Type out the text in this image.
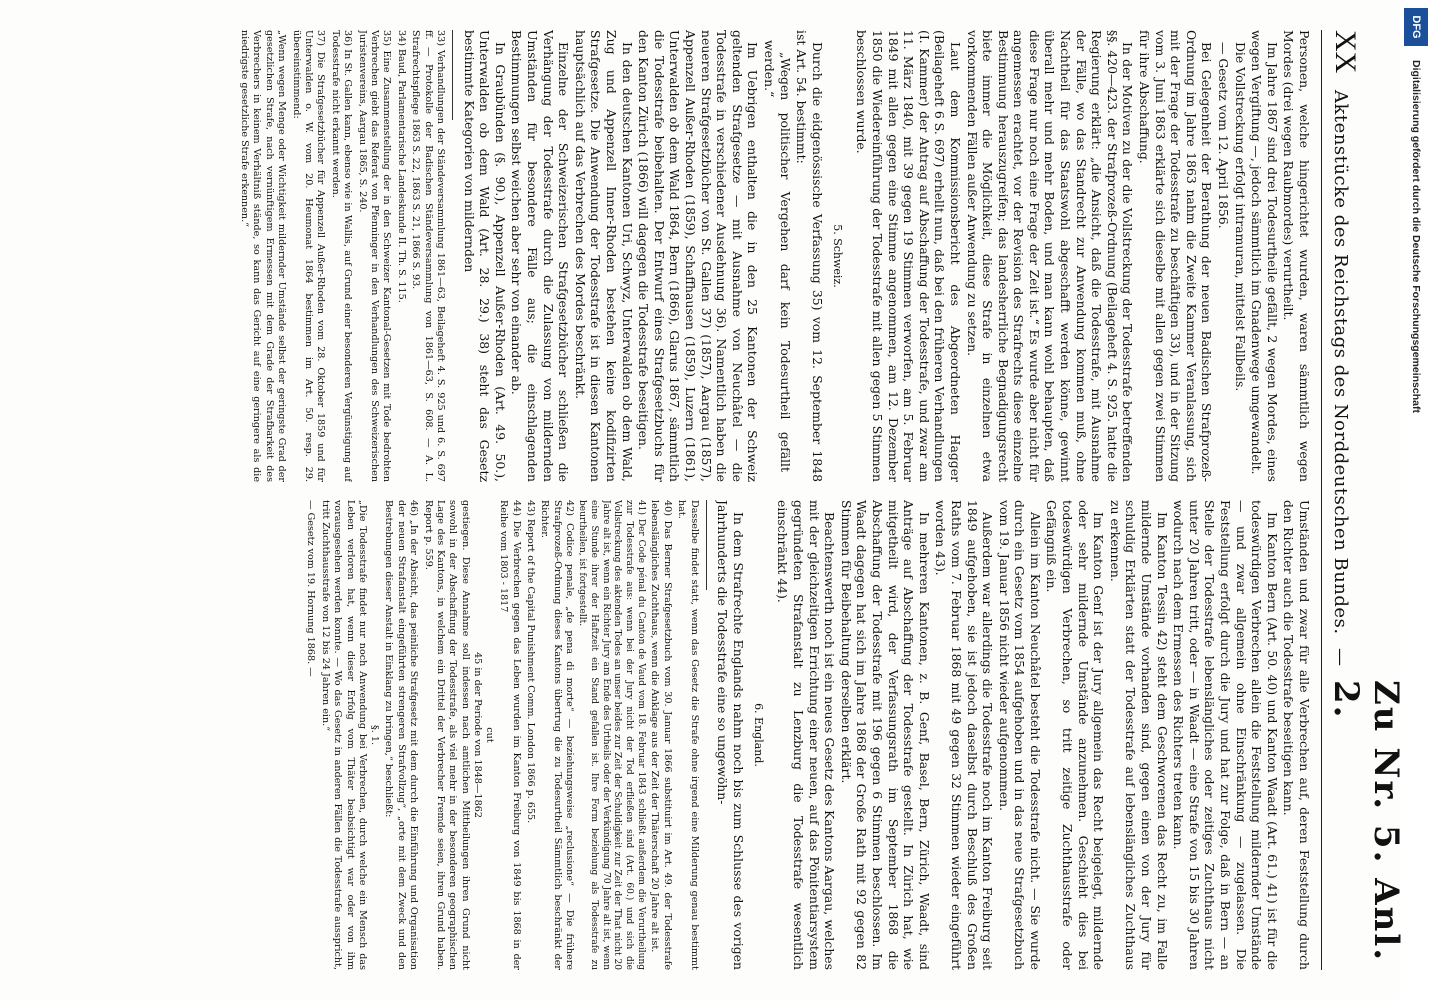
XX
Aktenstücke des Reichstags des Norddeutschen Bundes.
—
Zu Nr. 5. Anl. 2.

Personen, welche hingerichtet wurden, waren sämmtlich wegen Mordes (drei wegen Raubmordes) verurtheilt.

Im Jahre 1867 sind drei Todesurtheile gefällt, 2 wegen Mordes, eines wegen Vergiftung —, jedoch sämmtlich im Gnadenwege umgewandelt.

Die Vollstreckung erfolgt intramuran, mittelst Fallbeils.

— Gesetz vom 12. April 1856.

Bei Gelegenheit der Berathung der neuen Badischen Strafprozeß-Ordnung im Jahre 1863 nahm die Zweite Kammer Veranlassung, sich mit der Frage der Todesstrafe zu beschäftigen 33), und in der Sitzung vom 3. Juni 1863 erklärte sich dieselbe mit allen gegen zwei Stimmen für ihre Abschaffung.

In der Motiven zu der die Vollstreckung der Todesstrafe betreffenden §§. 420—423. der Strafprozeß-Ordnung (Beilageheft 4. S. 925. hatte die Regierung erklärt: „die Ansicht, daß die Todesstrafe, mit Ausnahme der Fälle, wo das Standrecht zur Anwendung kommen muß, ohne Nachtheil für das Staatswohl abgeschafft werden könne, gewinnt überall mehr und mehr Boden, und man kann wohl behaupten, daß diese Frage nur noch eine Frage der Zeit ist.“ Es wurde aber nicht für angemessen erachtet, vor der Revision des Strafrechts diese einzelne Bestimmung herauszugreifen; das landesherrliche Begnadigungsrecht biete immer die Möglichkeit, diese Strafe in einzelnen etwa vorkommenden Fällen außer Anwendung zu setzen.

Laut dem Kommissionsbericht des Abgeordneten Hagger (Beilageheft 6 S. 697) erhellt nun, daß bei den früheren Verhandlungen (I. Kammer) der Antrag auf Abschaffung der Todesstrafe, und zwar am 11. März 1840, mit 39 gegen 19 Stimmen verworfen, am 5. Februar 1849 mit allen gegen eine Stimme angenommen, am 12. Dezember 1850 die Wiedereinführung der Todesstrafe mit allen gegen 5 Stimmen beschlossen wurde.

5. Schweiz.

Durch die eidgenössische Verfassung 35) vom 12. September 1848 ist Art. 54. bestimmt:

„Wegen politischer Vergehen darf kein Todesurtheil gefällt werden.“

Im Uebrigen enthalten die in den 25 Kantonen der Schweiz geltenden Strafgesetze — mit Ausnahme von Neuchâtel — die Todesstrafe in verschiedener Ausdehnung 36). Namentlich haben die neueren Strafgesetzbücher von St. Gallen 37) (1857), Aargau (1857), Appenzell Außer-Rhoden (1859), Schaffhausen (1859), Luzern (1861), Unterwalden ob dem Wald 1864, Bern (1866), Glarus 1867, sämmtlich die Todesstrafe beibehalten. Der Entwurf eines Strafgesetzbuchs für den Kanton Zürich (1866) will dagegen die Todesstrafe beseitigen.

In den deutschen Kantonen Uri, Schwyz, Unterwalden ob dem Wald, Zug und Appenzell Inner-Rhoden bestehen keine kodifizirten Strafgesetze. Die Anwendung der Todesstrafe ist in diesen Kantonen hauptsächlich auf das Verbrechen des Mordes beschränkt.

Einzelne der Schweizerischen Strafgesetzbücher schließen die Verhängung der Todesstrafe durch die Zulassung von mildernden Umständen für besondere Fälle aus; die einschlagenden Bestimmungen selbst weichen aber sehr von einander ab.

In Graubünden (§. 90.), Appenzell Außer-Rhoden (Art. 49. 50.), Unterwalden ob dem Wald (Art. 28. 29.) 38) steht das Gesetz bestimmte Kategorien von mildernden

33) Verhandlungen der Ständeversammlung 1861—63, Beilageheft 4. S. 925 und 6. S. 697 ff. — Protokolle der Badischen Ständeversammlung von 1861—63, S. 608. — A. L. Strafrechtspflege 1863 S. 22, 1863 S. 21, 1866 S. 93.

34) Baud, Parlamentarische Landeskunde II. Th. S. 115.

35) Eine Zusammenstellung der in den Schweizer Kantonal-Gesetzen mit Tode bedrohten Verbrechen giebt das Referat von Pfenninger in den Verhandlungen des Schweizerischen Juristenvereins, Aargau 1865, S. 240.

36) In St. Gallen kann, ebenso wie in Wallis, auf Grund einer besonderen Vergünstigung auf Todesstrafe nicht erkannt werden.

37) Die Strafgesetzbücher für Appenzell Außer-Rhoden vom 28. Oktober 1859 und für Unterwalden o. W. vom 20. Heumonat 1864 bestimmen im Art. 50. resp. 29. übereinstimmend:

„Wenn wegen Menge oder Wichtigkeit mildernder Umstände selbst der geringste Grad der gesetzlichen Strafe, nach vernünftigem Ermessen mit dem Grade der Strafbarkeit des Verbrechers in keinem Verhältniß stände, so kann das Gericht auf eine geringere als die niedrigste gesetzliche Strafe erkennen.“

Umständen und zwar für alle Verbrechen auf, deren Feststellung durch den Richter auch die Todesstrafe beseitigen kann.

Im Kanton Bern (Art. 50. 40) und Kanton Waadt (Art. 61.) 41) ist für die todeswürdigen Verbrechen allein die Feststellung mildernder Umstände — und zwar allgemein ohne Einschränkung — zugelassen. Die Feststellung erfolgt durch die Jury und hat zur Folge, daß in Bern — an Stelle der Todesstrafe lebenslängliches oder zeitiges Zuchthaus nicht unter 20 Jahren tritt, oder — in Waadt — eine Strafe von 15 bis 30 Jahren wodurch nach dem Ermessen des Richters treten kann.

Im Kanton Tessin 42) steht dem Geschworenen das Recht zu, im Falle mildernde Umstände vorhanden sind, gegen einen von der Jury für schuldig Erklärten statt der Todesstrafe auf lebenslängliches Zuchthaus zu erkennen.

Im Kanton Genf ist der Jury allgemein das Recht beigelegt, mildernde oder sehr mildernde Umstände anzunehmen. Geschieht dies bei todeswürdigen Verbrechen, so tritt zeitige Zuchthausstrafe oder Gefängniß ein.

Allein im Kanton Neuchâtel besteht die Todesstrafe nicht. — Sie wurde durch ein Gesetz vom 1854 aufgehoben und in das neue Strafgesetzbuch vom 19. Januar 1856 nicht wieder aufgenommen.

Außerdem war allerdings die Todesstrafe noch im Kanton Freiburg seit 1849 aufgehoben, sie ist jedoch daselbst durch Beschluß des Großen Raths vom 7. Februar 1868 mit 49 gegen 32 Stimmen wieder eingeführt worden 43).

In mehreren Kantonen, z. B. Genf, Basel, Bern, Zürich, Waadt, sind Anträge auf Abschaffung der Todesstrafe gestellt. In Zürich hat, wie mitgetheilt wird, der Verfassungsrath im September 1868 die Abschaffung der Todesstrafe mit 196 gegen 6 Stimmen beschlossen. Im Waadt dagegen hat sich im Jahre 1868 der Große Rath mit 92 gegen 82 Stimmen für Beibehaltung derselben erklärt.

Beachtenswerth noch ist ein neues Gesetz des Kantons Aargau, welches mit der gleichzeitigen Errichtung einer neuen, auf das Pönitentiarsystem gegründeten Strafanstalt zu Lenzburg die Todesstrafe wesentlich einschränkt 44).

6. England.

In dem Strafrechte Englands nahm noch bis zum Schlusse des vorigen Jahrhunderts die Todesstrafe eine so ungewöhn-

Dasselbe findet statt, wenn das Gesetz die Strafe ohne irgend eine Milderung genau bestimmt hat.

40) Das Berner Strafgesetzbuch vom 30. Januar 1866 substituirt im Art. 49. der Todesstrafe lebenslängliches Zuchthaus, wenn die Anklage aus der Zeit der Thäterschaft 20 Jahre alt ist.

41) Der Code pénal du Canton de Vaud vom 18. Februar 1843 schließt außerdem die Verurtheilung zur Todesstrafe aus: wenn bei der Jury nicht der Tod erfließen sind (Art. 60.) und sich die Vollstreckung des aktenden Todes an unser beides zur Zeit der Schuldigkeit zur Zeit der That nicht 20 Jahre alt ist, wenn ein Richter Jury am Ende des Urtheils oder der Verkündigung 70 Jahre alt ist, wenn eine Stunde ihrer der Haftzeit ein Stand gefallen ist. Ihre Form beziehung als Todesstrafe zu beurtheilen, ist fortgestellt.

42) Codice penale, „de pena di morte“ — beziehungsweise „reclusione“ — Die frühere Strafprozeß-Ordnung dieses Kantons übertrug die zu Todesurtheil Sämmtlich beschränkt der Richter.

43) Report of the Capital Punishment Comm. London 1866 p. 655.

44) Die Verbrechen gegen das Leben wurden im Kanton Freiburg von 1849 bis 1868 in der Reihe vom 1803 - 1817

cut
45 in der Periode von 1848—1862

gestiegen. Diese Annahme soll indessen nach amtlichen Mittheilungen ihren Grund nicht sowohl in der Abschaffung der Todesstrafe, als viel mehr in der besonderen geographischen Lage des Kantons, in welchem ein Drittel der Verbrecher Fremde seien, ihren Grund haben. Report p. 559.

46) „In der Absicht, das peinliche Strafgesetz mit dem durch die Einführung und Organisation der neuen Strafanstalt eingeführten strengeren Strafvollzug“, „orte mit dem Zweck und den Bestrebungen dieser Anstalt in Einklang zu bringen,“ beschließt:

§. 1.

„Die Todesstrafe findet nur noch Anwendung bei Verbrechen, durch welche ein Mensch das Leben verloren hat, wenn dieser Erfolg vom Thäter beabsichtigt war oder von ihm vorausgesehen werden konnte. — Wo das Gesetz in anderen Fällen die Todesstrafe ausspricht, tritt Zuchthausstrafe von 12 bis 24 Jahren ein.“

— Gesetz vom 19. Hornung 1868. —

DFG
Digitalisierung gefördert durch die Deutsche Forschungsgemeinschaft
